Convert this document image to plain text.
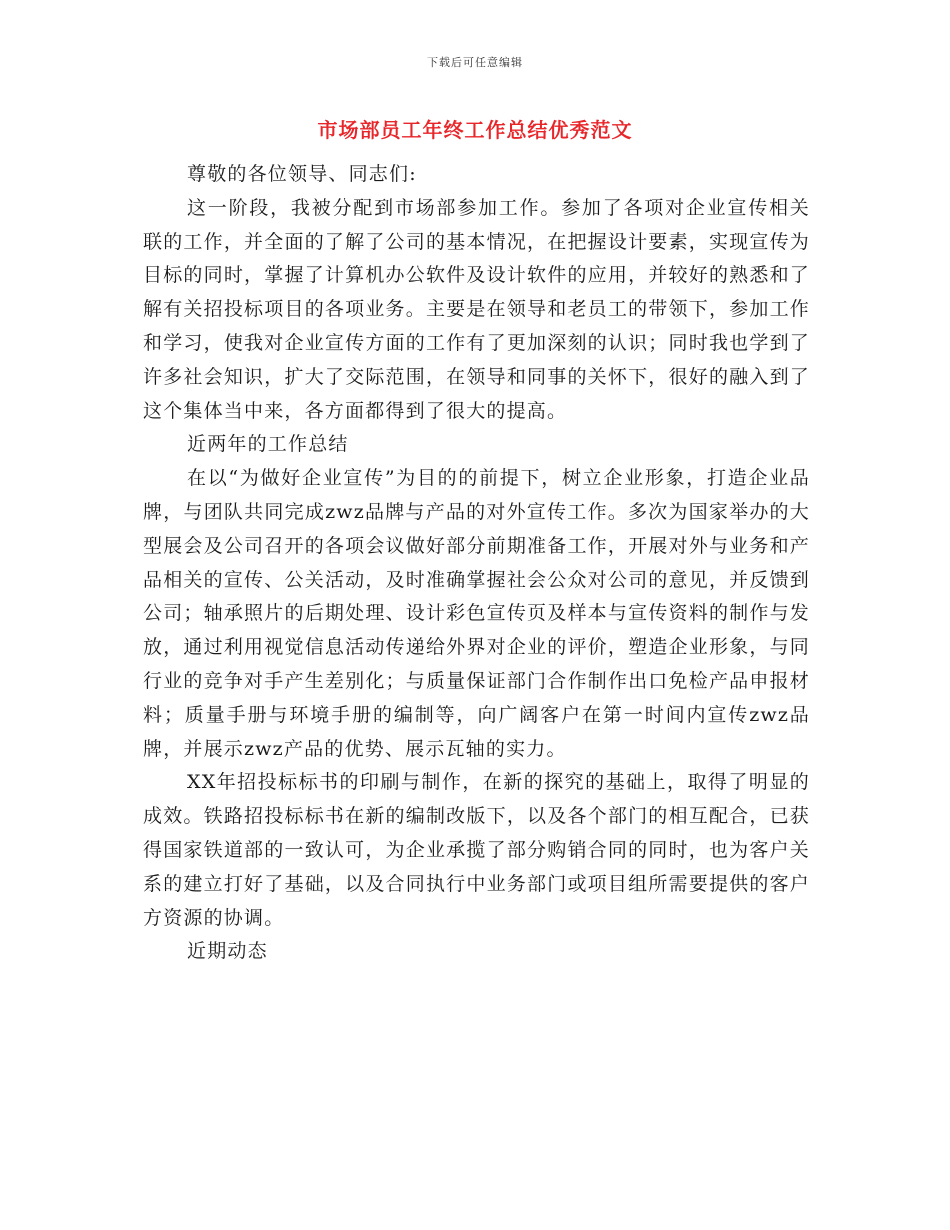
下载后可任意编辑
市场部员工年终工作总结优秀范文

尊敬的各位领导、同志们:

这一阶段，我被分配到市场部参加工作。参加了各项对企业宣传相关联的工作，并全面的了解了公司的基本情况，在把握设计要素，实现宣传为目标的同时，掌握了计算机办公软件及设计软件的应用，并较好的熟悉和了解有关招投标项目的各项业务。主要是在领导和老员工的带领下，参加工作和学习，使我对企业宣传方面的工作有了更加深刻的认识；同时我也学到了许多社会知识，扩大了交际范围，在领导和同事的关怀下，很好的融入到了这个集体当中来，各方面都得到了很大的提高。

近两年的工作总结

在以“为做好企业宣传”为目的的前提下，树立企业形象，打造企业品牌，与团队共同完成zwz品牌与产品的对外宣传工作。多次为国家举办的大型展会及公司召开的各项会议做好部分前期准备工作，开展对外与业务和产品相关的宣传、公关活动，及时准确掌握社会公众对公司的意见，并反馈到公司；轴承照片的后期处理、设计彩色宣传页及样本与宣传资料的制作与发放，通过利用视觉信息活动传递给外界对企业的评价，塑造企业形象，与同行业的竞争对手产生差别化；与质量保证部门合作制作出口免检产品申报材料；质量手册与环境手册的编制等，向广阔客户在第一时间内宣传zwz品牌，并展示zwz产品的优势、展示瓦轴的实力。

XX年招投标标书的印刷与制作，在新的探究的基础上，取得了明显的成效。铁路招投标标书在新的编制改版下，以及各个部门的相互配合，已获得国家铁道部的一致认可，为企业承揽了部分购销合同的同时，也为客户关系的建立打好了基础，以及合同执行中业务部门或项目组所需要提供的客户方资源的协调。

近期动态
